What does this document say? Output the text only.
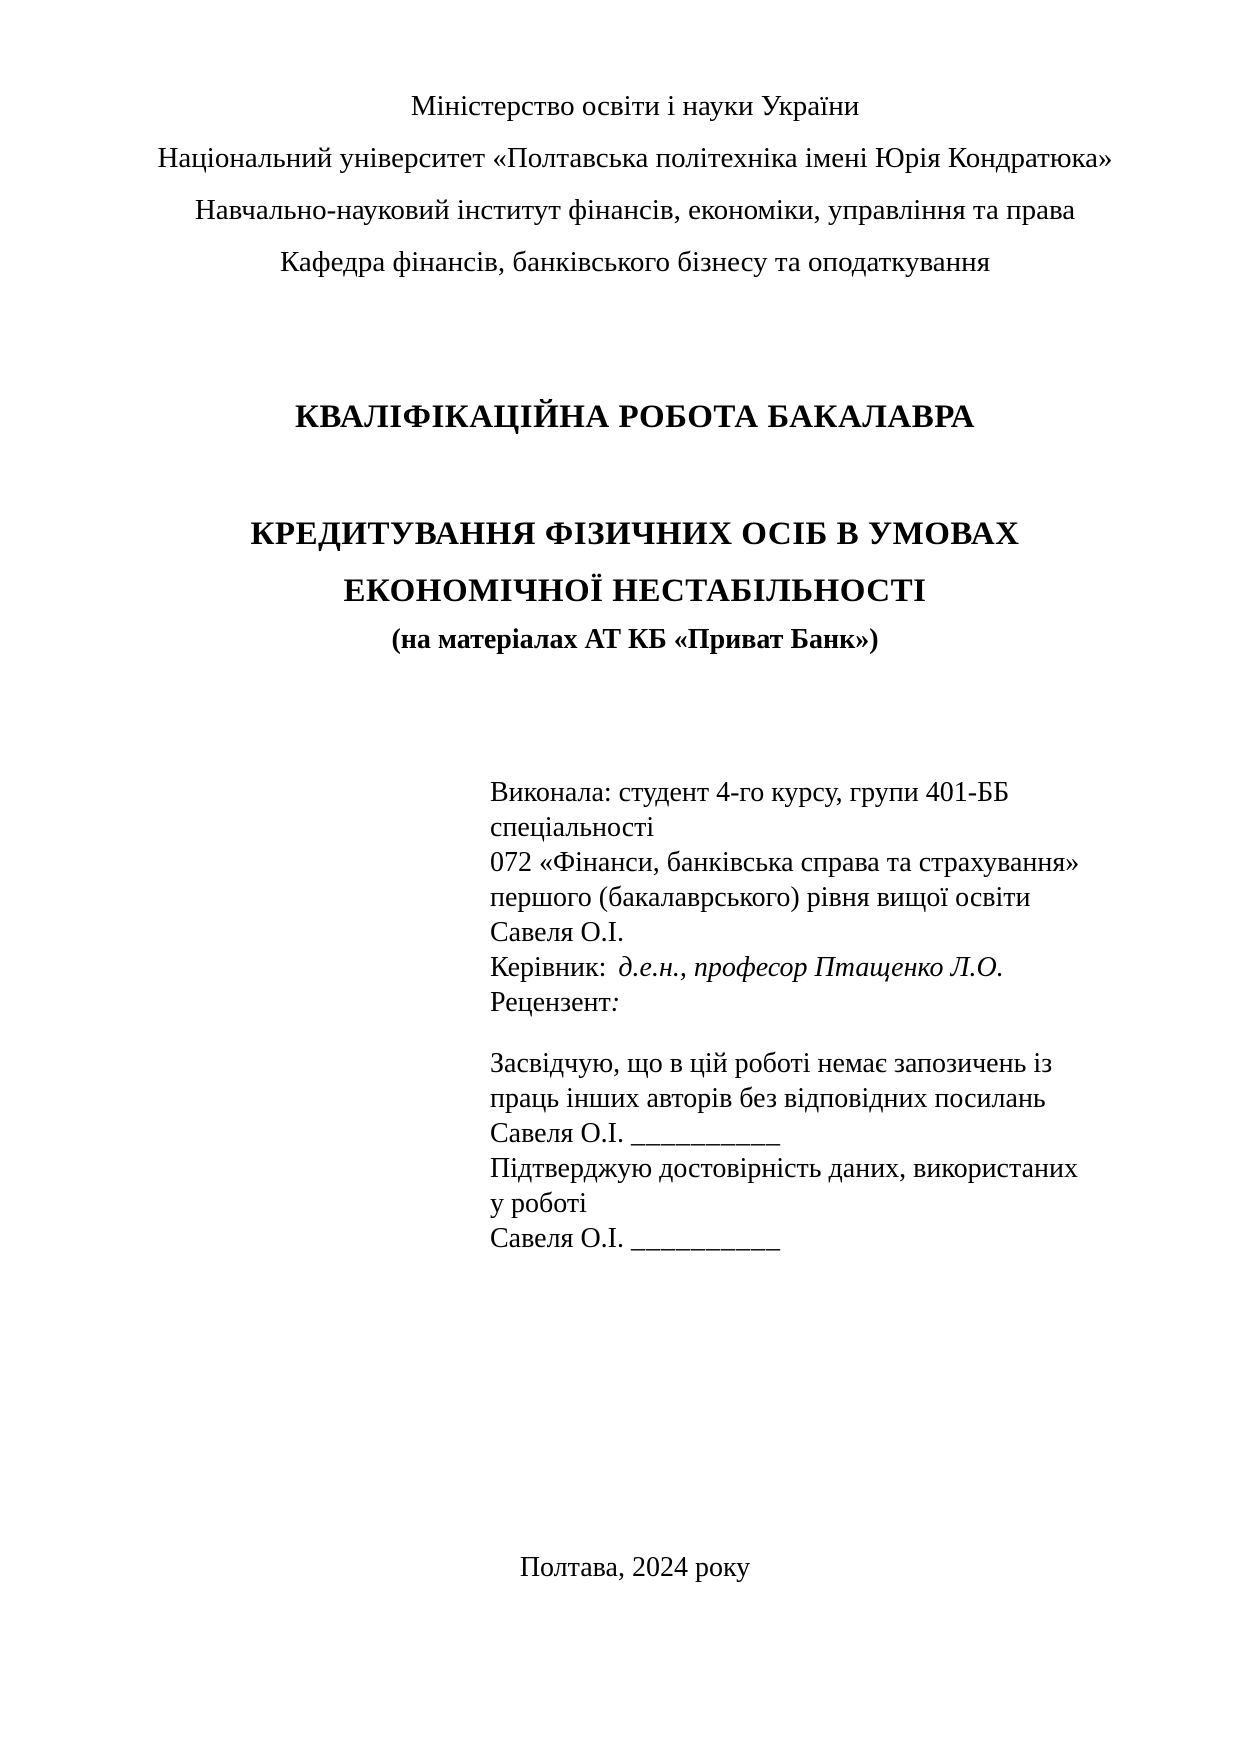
Міністерство освіти і науки України
Національний університет «Полтавська політехніка імені Юрія Кондратюка»
Навчально-науковий інститут фінансів, економіки, управління та права
Кафедра фінансів, банківського бізнесу та оподаткування
КВАЛІФІКАЦІЙНА РОБОТА БАКАЛАВРА
КРЕДИТУВАННЯ ФІЗИЧНИХ ОСІБ В УМОВАХ
ЕКОНОМІЧНОЇ НЕСТАБІЛЬНОСТІ
(на матеріалах АТ КБ «Приват Банк»)
Виконала: студент 4-го курсу, групи 401-ББ
спеціальності
072 «Фінанси, банківська справа та страхування»
першого (бакалаврського) рівня вищої освіти
Савеля О.І.
Керівник: д.е.н., професор Птащенко Л.О.
Рецензент:
Засвідчую, що в цій роботі немає запозичень із
праць інших авторів без відповідних посилань
Савеля О.І. __________
Підтверджую достовірність даних, використаних
у роботі
Савеля О.І. __________
Полтава, 2024 року
